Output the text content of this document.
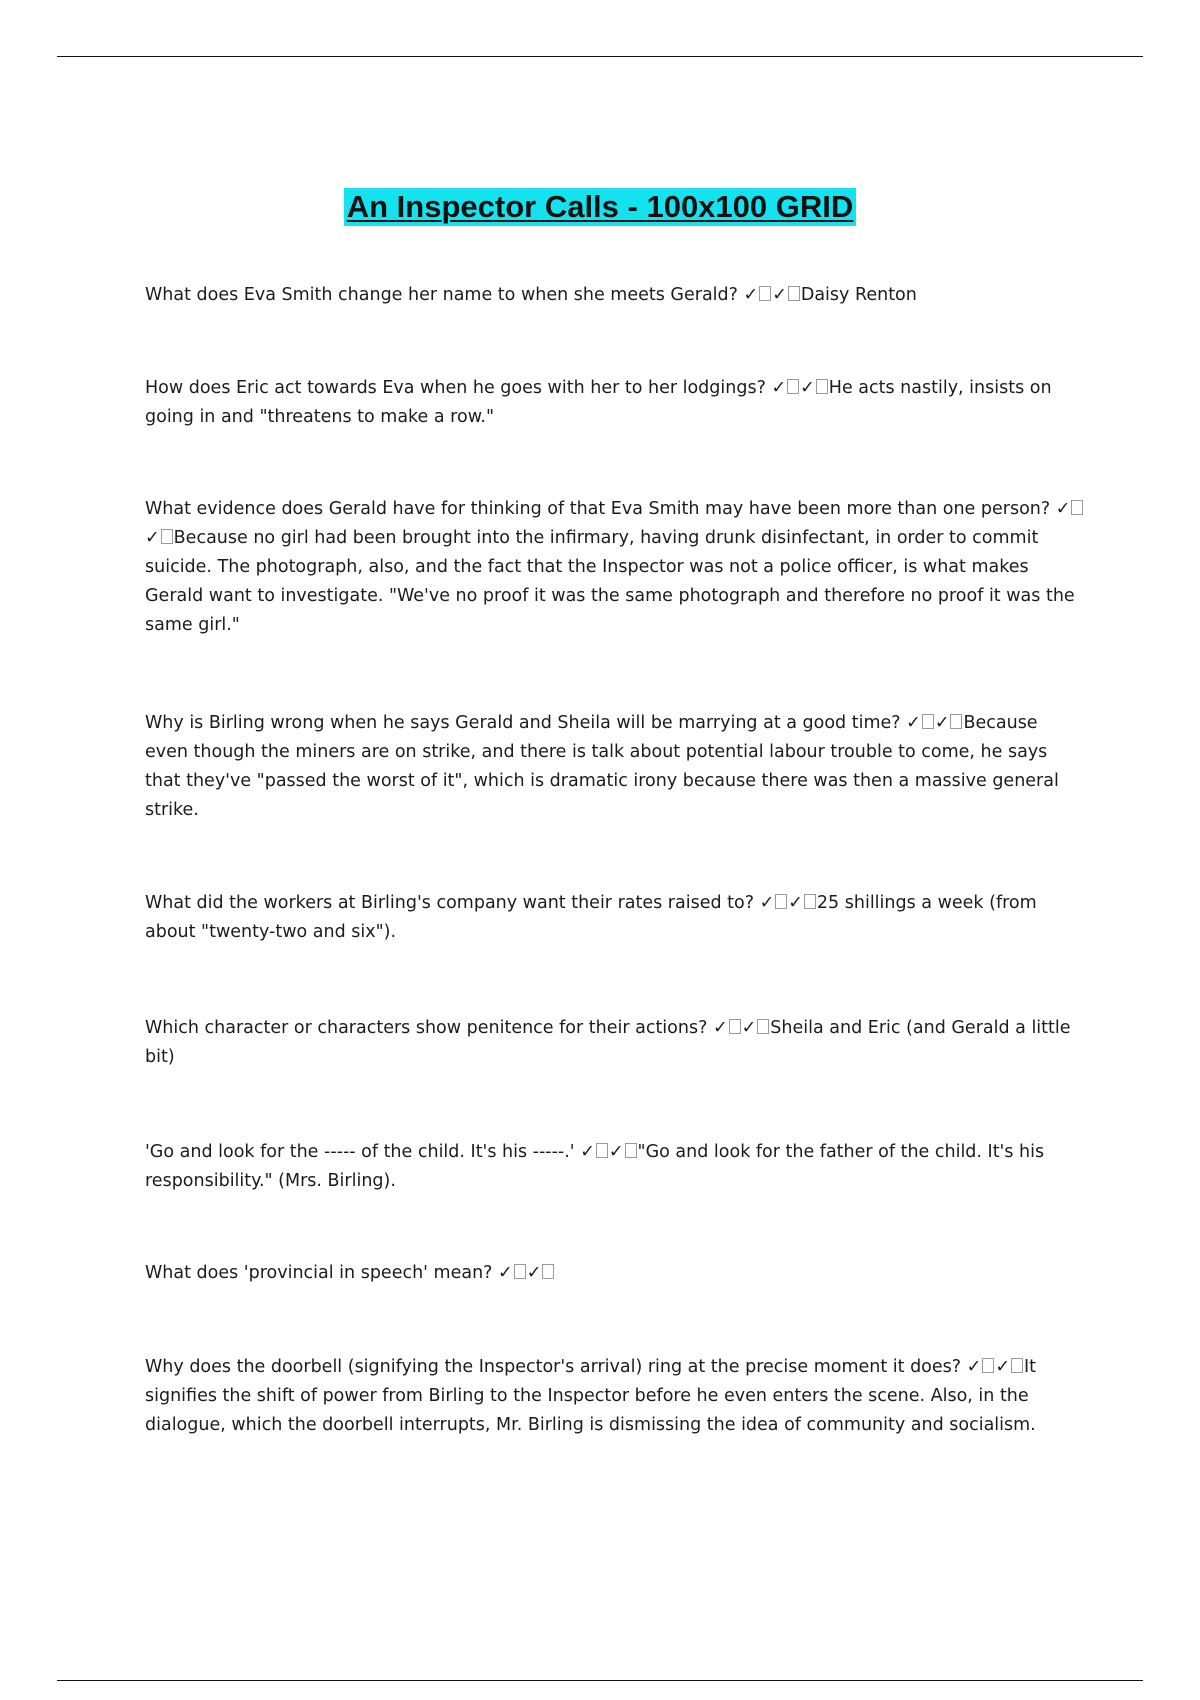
An Inspector Calls - 100x100 GRID

What does Eva Smith change her name to when she meets Gerald? ✓ ✓ Daisy Renton

How does Eric act towards Eva when he goes with her to her lodgings? ✓ ✓ He acts nastily, insists on going in and "threatens to make a row."

What evidence does Gerald have for thinking of that Eva Smith may have been more than one person? ✓✓ Because no girl had been brought into the infirmary, having drunk disinfectant, in order to commit suicide. The photograph, also, and the fact that the Inspector was not a police officer, is what makes Gerald want to investigate. "We've no proof it was the same photograph and therefore no proof it was the same girl."

Why is Birling wrong when he says Gerald and Sheila will be marrying at a good time? ✓ ✓ Because even though the miners are on strike, and there is talk about potential labour trouble to come, he says that they've "passed the worst of it", which is dramatic irony because there was then a massive general strike.

What did the workers at Birling's company want their rates raised to? ✓ ✓ 25 shillings a week (from about "twenty-two and six").

Which character or characters show penitence for their actions? ✓ ✓ Sheila and Eric (and Gerald a little bit)

'Go and look for the ----- of the child. It's his -----.' ✓ ✓ "Go and look for the father of the child. It's his responsibility." (Mrs. Birling).

What does 'provincial in speech' mean? ✓ ✓

Why does the doorbell (signifying the Inspector's arrival) ring at the precise moment it does? ✓ ✓ It signifies the shift of power from Birling to the Inspector before he even enters the scene. Also, in the dialogue, which the doorbell interrupts, Mr. Birling is dismissing the idea of community and socialism.
